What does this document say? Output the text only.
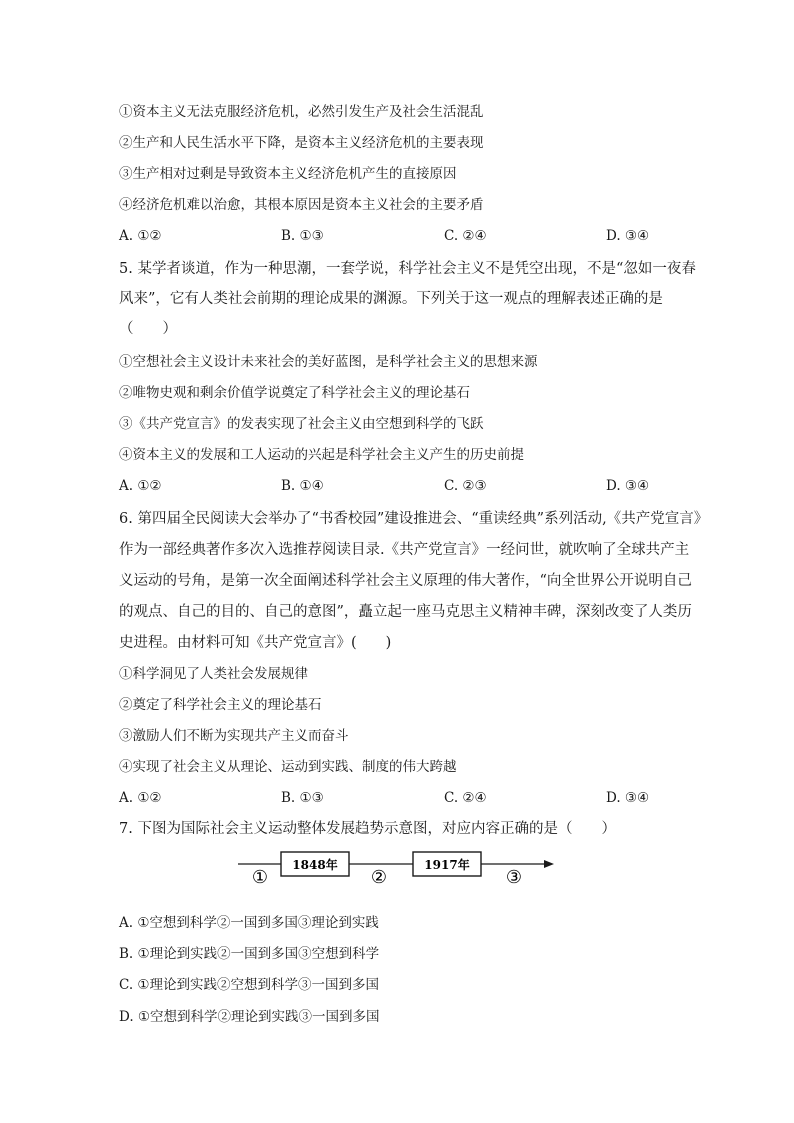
①资本主义无法克服经济危机，必然引发生产及社会生活混乱
②生产和人民生活水平下降，是资本主义经济危机的主要表现
③生产相对过剩是导致资本主义经济危机产生的直接原因
④经济危机难以治愈，其根本原因是资本主义社会的主要矛盾
A. ①②	B. ①③	C. ②④	D. ③④
5. 某学者谈道，作为一种思潮，一套学说，科学社会主义不是凭空出现，不是“忽如一夜春
风来”，它有人类社会前期的理论成果的渊源。下列关于这一观点的理解表述正确的是
（　　）
①空想社会主义设计未来社会的美好蓝图，是科学社会主义的思想来源
②唯物史观和剩余价值学说奠定了科学社会主义的理论基石
③《共产党宣言》的发表实现了社会主义由空想到科学的飞跃
④资本主义的发展和工人运动的兴起是科学社会主义产生的历史前提
A. ①②	B. ①④	C. ②③	D. ③④
6. 第四届全民阅读大会举办了“书香校园”建设推进会、“重读经典”系列活动,《共产党宣言》
作为一部经典著作多次入选推荐阅读目录.《共产党宣言》一经问世，就吹响了全球共产主
义运动的号角，是第一次全面阐述科学社会主义原理的伟大著作，“向全世界公开说明自己
的观点、自己的目的、自己的意图”，矗立起一座马克思主义精神丰碑，深刻改变了人类历
史进程。由材料可知《共产党宣言》(　　)
①科学洞见了人类社会发展规律
②奠定了科学社会主义的理论基石
③激励人们不断为实现共产主义而奋斗
④实现了社会主义从理论、运动到实践、制度的伟大跨越
A. ①②	B. ①③	C. ②④	D. ③④
7. 下图为国际社会主义运动整体发展趋势示意图，对应内容正确的是（　　）
1848年	1917年
①	②	③
A. ①空想到科学②一国到多国③理论到实践
B. ①理论到实践②一国到多国③空想到科学
C. ①理论到实践②空想到科学③一国到多国
D. ①空想到科学②理论到实践③一国到多国
